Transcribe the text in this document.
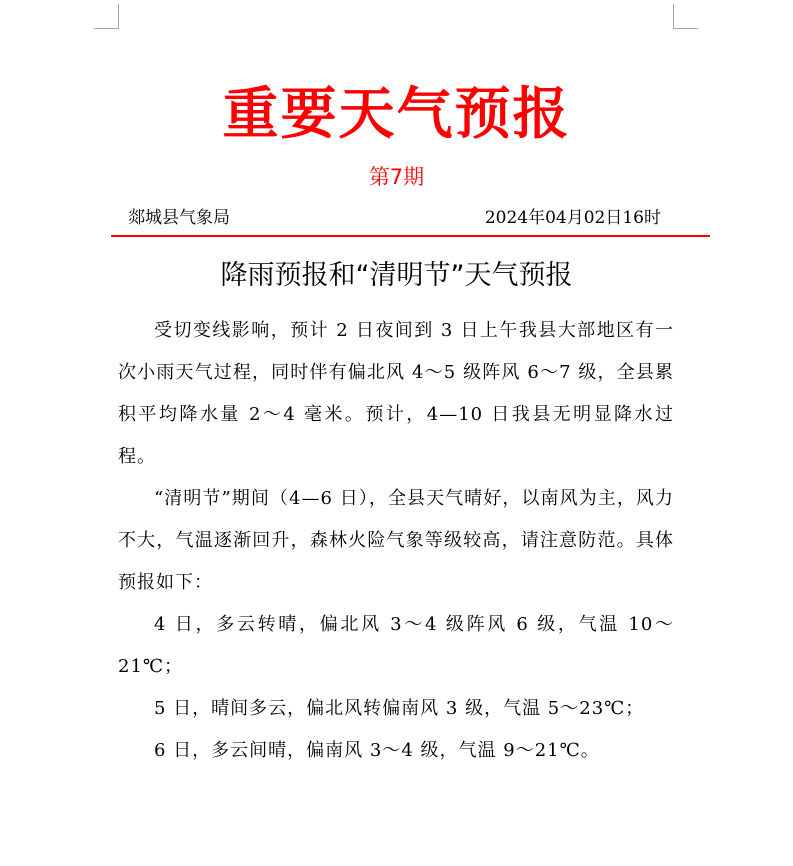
重要天气预报
第7期
郯城县气象局	2024年04月02日16时
降雨预报和“清明节”天气预报

受切变线影响，预计 2 日夜间到 3 日上午我县大部地区有一次小雨天气过程，同时伴有偏北风 4～5 级阵风 6～7 级，全县累积平均降水量 2～4 毫米。预计，4—10 日我县无明显降水过程。

“清明节”期间（4—6 日），全县天气晴好，以南风为主，风力不大，气温逐渐回升，森林火险气象等级较高，请注意防范。具体预报如下：

4 日，多云转晴，偏北风 3～4 级阵风 6 级，气温 10～21℃；

5 日，晴间多云，偏北风转偏南风 3 级，气温 5～23℃；

6 日，多云间晴，偏南风 3～4 级，气温 9～21℃。
